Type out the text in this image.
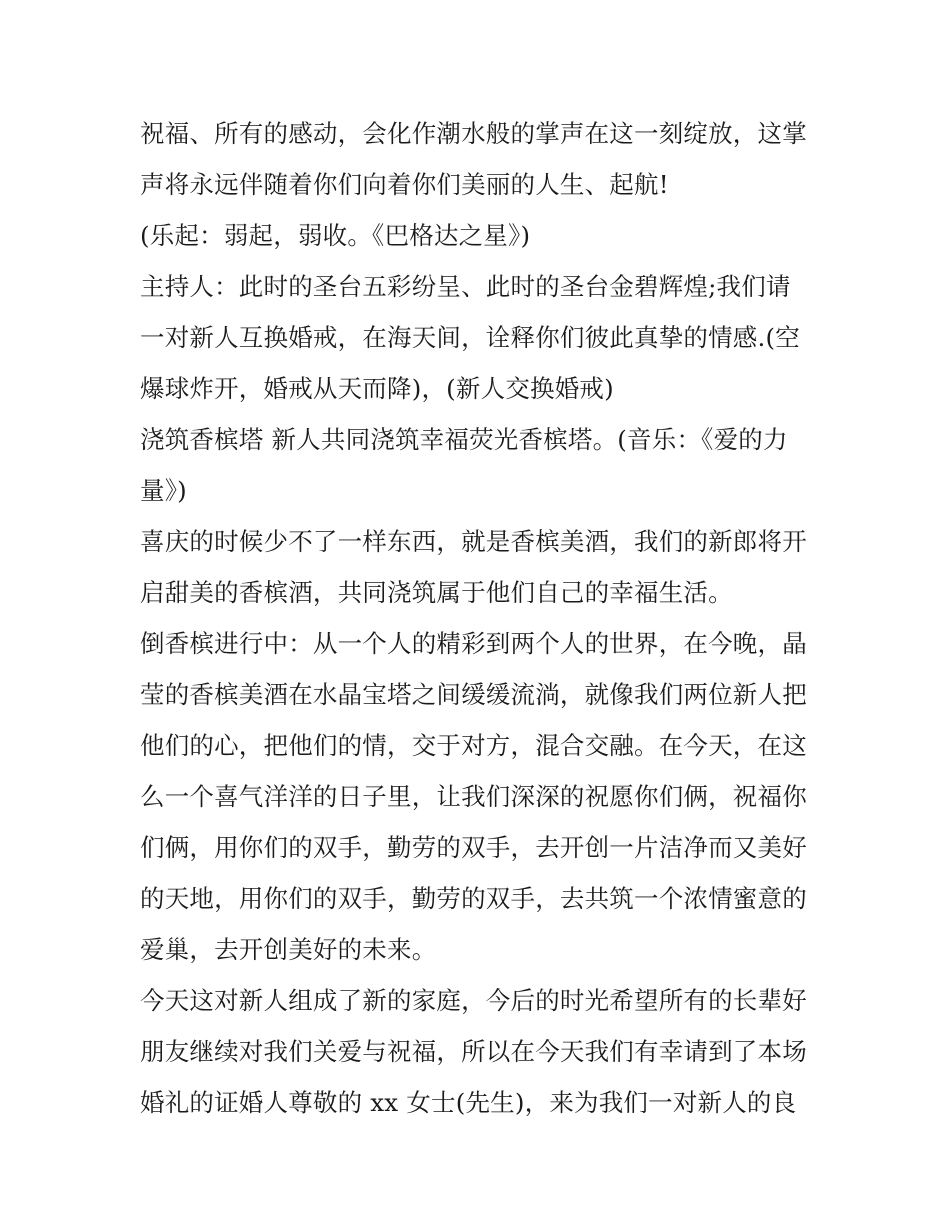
祝福、所有的感动，会化作潮水般的掌声在这一刻绽放，这掌
声将永远伴随着你们向着你们美丽的人生、起航!
(乐起：弱起，弱收。《巴格达之星》)
主持人：此时的圣台五彩纷呈、此时的圣台金碧辉煌;我们请
一对新人互换婚戒，在海天间，诠释你们彼此真挚的情感.(空
爆球炸开，婚戒从天而降)，(新人交换婚戒)
浇筑香槟塔 新人共同浇筑幸福荧光香槟塔。(音乐：《爱的力
量》)
喜庆的时候少不了一样东西，就是香槟美酒，我们的新郎将开
启甜美的香槟酒，共同浇筑属于他们自己的幸福生活。
倒香槟进行中：从一个人的精彩到两个人的世界，在今晚，晶
莹的香槟美酒在水晶宝塔之间缓缓流淌，就像我们两位新人把
他们的心，把他们的情，交于对方，混合交融。在今天，在这
么一个喜气洋洋的日子里，让我们深深的祝愿你们俩，祝福你
们俩，用你们的双手，勤劳的双手，去开创一片洁净而又美好
的天地，用你们的双手，勤劳的双手，去共筑一个浓情蜜意的
爱巢，去开创美好的未来。
今天这对新人组成了新的家庭，今后的时光希望所有的长辈好
朋友继续对我们关爱与祝福，所以在今天我们有幸请到了本场
婚礼的证婚人尊敬的 xx 女士(先生)，来为我们一对新人的良
